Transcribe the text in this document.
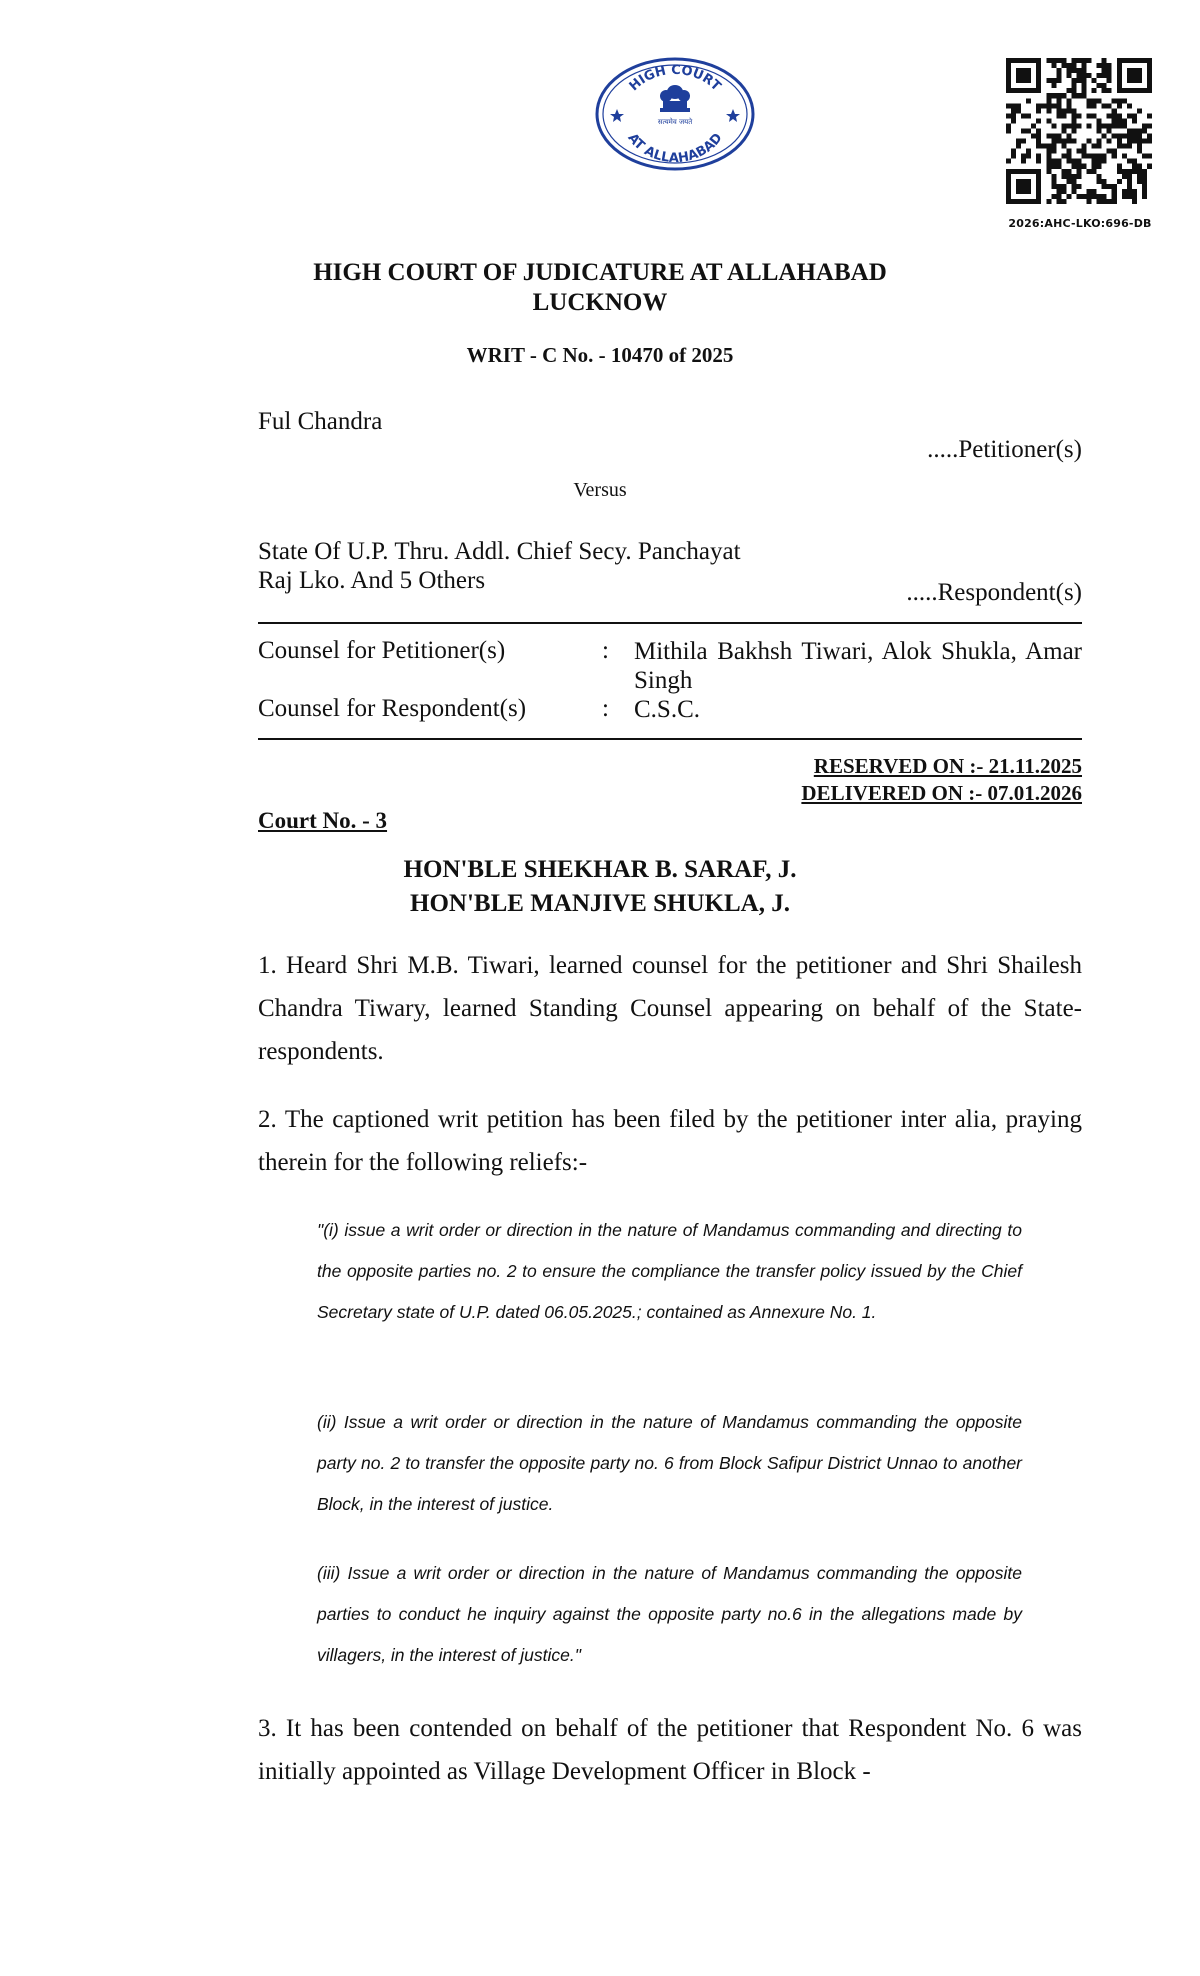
HIGH COURT
AT ALLAHABAD
सत्यमेव जयते
2026:AHC-LKO:696-DB
HIGH COURT OF JUDICATURE AT ALLAHABAD
LUCKNOW
WRIT - C No. - 10470 of 2025
Ful Chandra
.....Petitioner(s)
Versus
State Of U.P. Thru. Addl. Chief Secy. Panchayat
Raj Lko. And 5 Others	.....Respondent(s)
Counsel for Petitioner(s)	: Mithila Bakhsh Tiwari, Alok Shukla, Amar Singh
Counsel for Respondent(s)	: C.S.C.
RESERVED ON :- 21.11.2025
DELIVERED ON :- 07.01.2026
Court No. - 3
HON'BLE SHEKHAR B. SARAF, J.
HON'BLE MANJIVE SHUKLA, J.
1. Heard Shri M.B. Tiwari, learned counsel for the petitioner and Shri Shailesh Chandra Tiwary, learned Standing Counsel appearing on behalf of the State-respondents.
2. The captioned writ petition has been filed by the petitioner inter alia, praying therein for the following reliefs:-
"(i) issue a writ order or direction in the nature of Mandamus commanding and directing to the opposite parties no. 2 to ensure the compliance the transfer policy issued by the Chief Secretary state of U.P. dated 06.05.2025.; contained as Annexure No. 1.
(ii) Issue a writ order or direction in the nature of Mandamus commanding the opposite party no. 2 to transfer the opposite party no. 6 from Block Safipur District Unnao to another Block, in the interest of justice.
(iii) Issue a writ order or direction in the nature of Mandamus commanding the opposite parties to conduct he inquiry against the opposite party no.6 in the allegations made by villagers, in the interest of justice."
3. It has been contended on behalf of the petitioner that Respondent No. 6 was initially appointed as Village Development Officer in Block -
